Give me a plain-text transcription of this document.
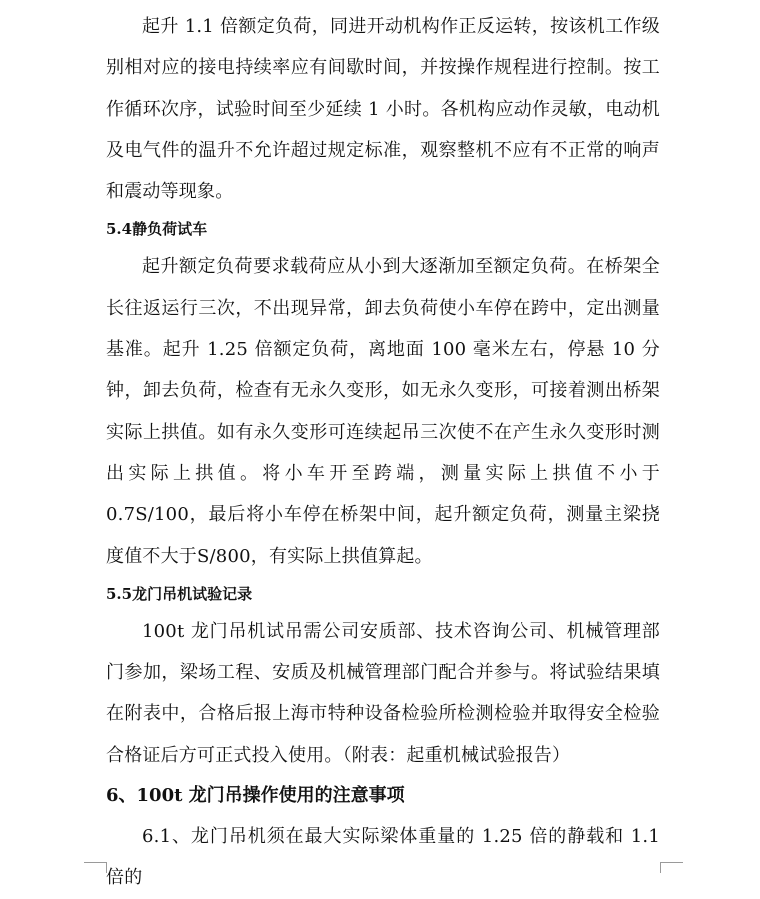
起升 1.1 倍额定负荷，同进开动机构作正反运转，按该机工作级别相对应的接电持续率应有间歇时间，并按操作规程进行控制。按工作循环次序，试验时间至少延续 1 小时。各机构应动作灵敏，电动机及电气件的温升不允许超过规定标准，观察整机不应有不正常的响声和震动等现象。

5.4静负荷试车

起升额定负荷要求载荷应从小到大逐渐加至额定负荷。在桥架全长往返运行三次，不出现异常，卸去负荷使小车停在跨中，定出测量基准。起升 1.25 倍额定负荷，离地面 100 毫米左右，停悬 10 分钟，卸去负荷，检查有无永久变形，如无永久变形，可接着测出桥架实际上拱值。如有永久变形可连续起吊三次使不在产生永久变形时测出实际上拱值。将小车开至跨端，测量实际上拱值不小于 0.7S/100，最后将小车停在桥架中间，起升额定负荷，测量主梁挠度值不大于S/800，有实际上拱值算起。

5.5龙门吊机试验记录

100t 龙门吊机试吊需公司安质部、技术咨询公司、机械管理部门参加，梁场工程、安质及机械管理部门配合并参与。将试验结果填在附表中，合格后报上海市特种设备检验所检测检验并取得安全检验合格证后方可正式投入使用。（附表：起重机械试验报告）

6、100t 龙门吊操作使用的注意事项

6.1、龙门吊机须在最大实际梁体重量的 1.25 倍的静载和 1.1 倍的
